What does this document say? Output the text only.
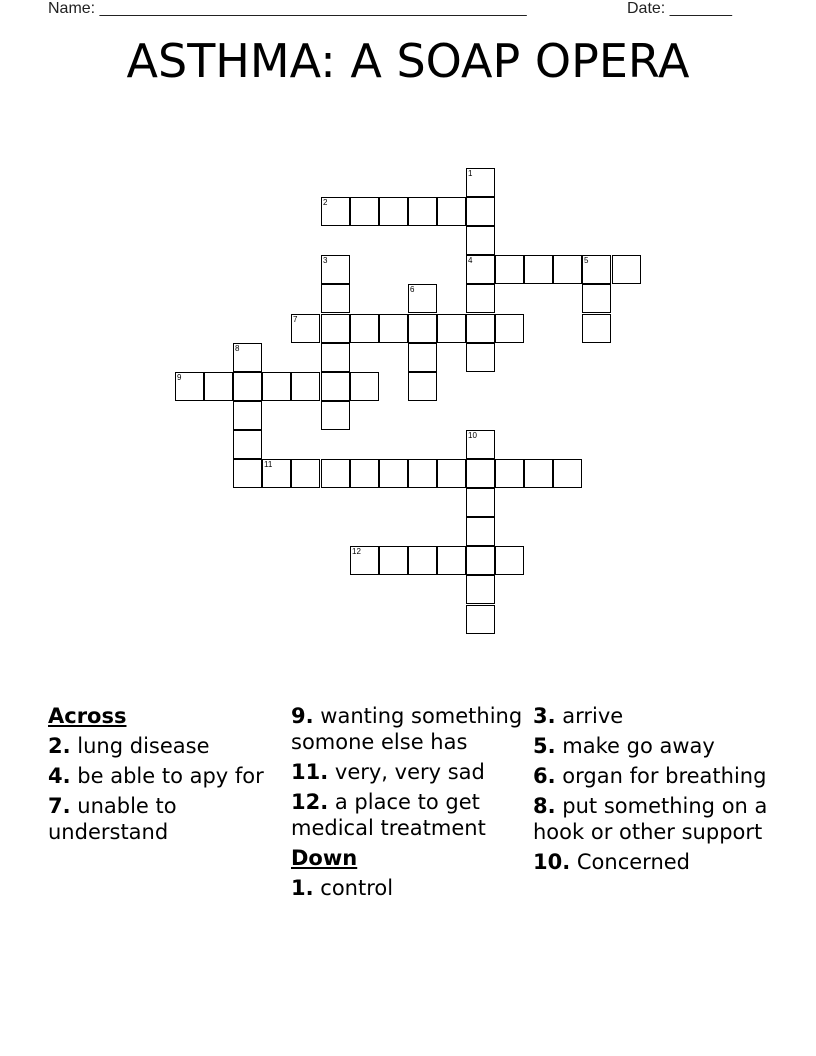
Name: ________________________________________________	Date: _______
ASTHMA: A SOAP OPERA
1
4
2
3	5
6
7
8
9
10
11
12
Across
2. lung disease
4. be able to apy for
7. unable to understand
9. wanting something somone else has
11. very, very sad
12. a place to get medical treatment
Down
1. control
3. arrive
5. make go away
6. organ for breathing
8. put something on a hook or other support
10. Concerned
